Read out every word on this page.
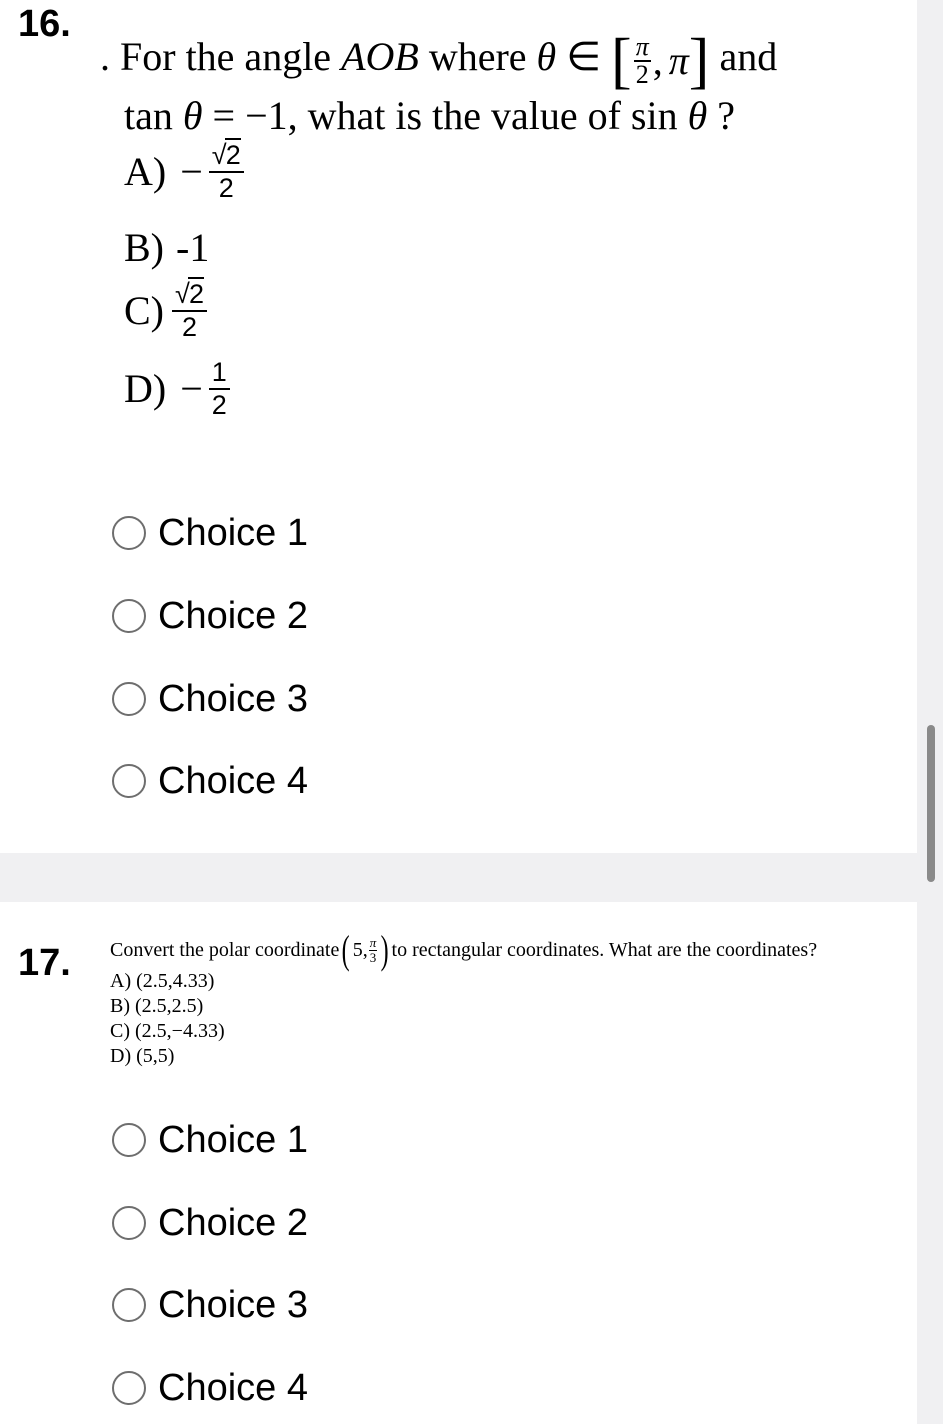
16.
. For the angle AOB where θ ∈ [ $\frac{\pi}{2}$ , π ] and
tan θ = −1, what is the value of sin θ ?
$A) - \frac{√ 2}{2}$
B) -1
$C) \frac{√ 2}{2}$
$D) - \frac{1}{2}$
Choice 1
Choice 2
Choice 3
Choice 4
17. Convert the polar coordinate ( 5, $\frac{\pi}{3}$ ) to rectangular coordinates. What are the coordinates?
A) (2.5,4.33)
B) (2.5,2.5)
C) (2.5,−4.33)
D) (5,5)
Choice 1
Choice 2
Choice 3
Choice 4
